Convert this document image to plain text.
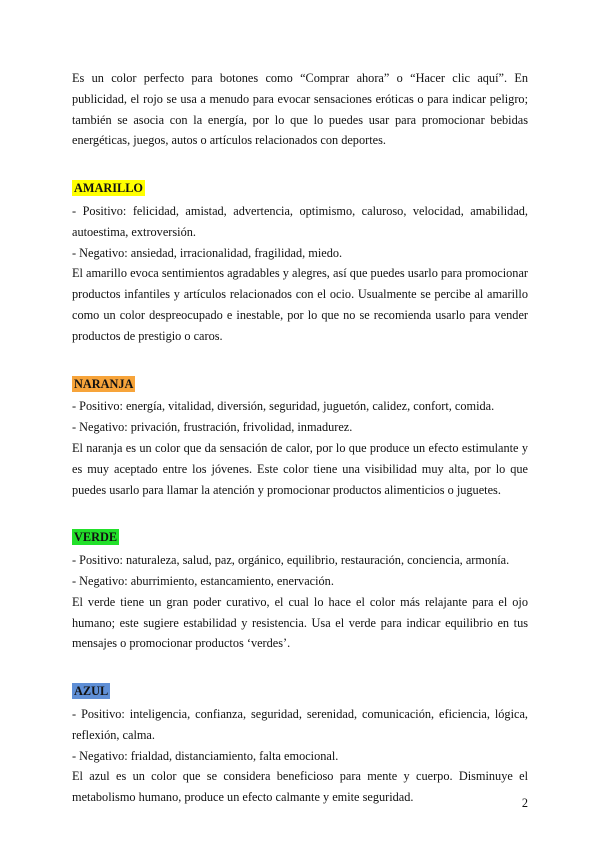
Es un color perfecto para botones como “Comprar ahora” o “Hacer clic aquí”. En publicidad, el rojo se usa a menudo para evocar sensaciones eróticas o para indicar peligro; también se asocia con la energía, por lo que lo puedes usar para promocionar bebidas energéticas, juegos, autos o artículos relacionados con deportes.

AMARILLO

- Positivo: felicidad, amistad, advertencia, optimismo, caluroso, velocidad, amabilidad, autoestima, extroversión.

- Negativo: ansiedad, irracionalidad, fragilidad, miedo.

El amarillo evoca sentimientos agradables y alegres, así que puedes usarlo para promocionar productos infantiles y artículos relacionados con el ocio. Usualmente se percibe al amarillo como un color despreocupado e inestable, por lo que no se recomienda usarlo para vender productos de prestigio o caros.

NARANJA

- Positivo: energía, vitalidad, diversión, seguridad, juguetón, calidez, confort, comida.

- Negativo: privación, frustración, frivolidad, inmadurez.

El naranja es un color que da sensación de calor, por lo que produce un efecto estimulante y es muy aceptado entre los jóvenes. Este color tiene una visibilidad muy alta, por lo que puedes usarlo para llamar la atención y promocionar productos alimenticios o juguetes.

VERDE

- Positivo: naturaleza, salud, paz, orgánico, equilibrio, restauración, conciencia, armonía.

- Negativo: aburrimiento, estancamiento, enervación.

El verde tiene un gran poder curativo, el cual lo hace el color más relajante para el ojo humano; este sugiere estabilidad y resistencia. Usa el verde para indicar equilibrio en tus mensajes o promocionar productos ‘verdes’.

AZUL

- Positivo: inteligencia, confianza, seguridad, serenidad, comunicación, eficiencia, lógica, reflexión, calma.

- Negativo: frialdad, distanciamiento, falta emocional.

El azul es un color que se considera beneficioso para mente y cuerpo. Disminuye el metabolismo humano, produce un efecto calmante y emite seguridad.	2
